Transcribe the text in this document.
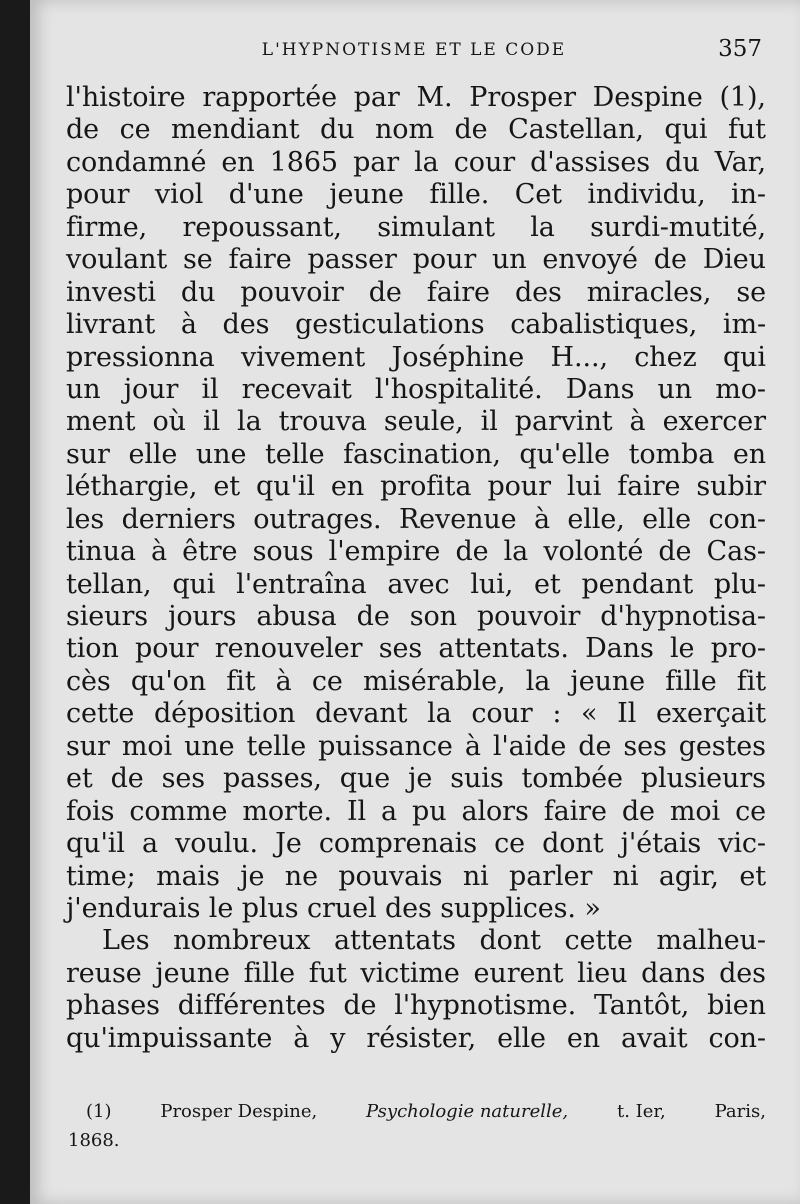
L'HYPNOTISME ET LE CODE	357
l'histoire rapportée par M. Prosper Despine (1),
de ce mendiant du nom de Castellan, qui fut
condamné en 1865 par la cour d'assises du Var,
pour viol d'une jeune fille. Cet individu, in-
firme, repoussant, simulant la surdi-mutité,
voulant se faire passer pour un envoyé de Dieu
investi du pouvoir de faire des miracles, se
livrant à des gesticulations cabalistiques, im-
pressionna vivement Joséphine H..., chez qui
un jour il recevait l'hospitalité. Dans un mo-
ment où il la trouva seule, il parvint à exercer
sur elle une telle fascination, qu'elle tomba en
léthargie, et qu'il en profita pour lui faire subir
les derniers outrages. Revenue à elle, elle con-
tinua à être sous l'empire de la volonté de Cas-
tellan, qui l'entraîna avec lui, et pendant plu-
sieurs jours abusa de son pouvoir d'hypnotisa-
tion pour renouveler ses attentats. Dans le pro-
cès qu'on fit à ce misérable, la jeune fille fit
cette déposition devant la cour : « Il exerçait
sur moi une telle puissance à l'aide de ses gestes
et de ses passes, que je suis tombée plusieurs
fois comme morte. Il a pu alors faire de moi ce
qu'il a voulu. Je comprenais ce dont j'étais vic-
time; mais je ne pouvais ni parler ni agir, et
j'endurais le plus cruel des supplices. »
Les nombreux attentats dont cette malheu-
reuse jeune fille fut victime eurent lieu dans des
phases différentes de l'hypnotisme. Tantôt, bien
qu'impuissante à y résister, elle en avait con-
(1)	Prosper Despine,	Psychologie naturelle,	t. Ier,	Paris,
1868.
